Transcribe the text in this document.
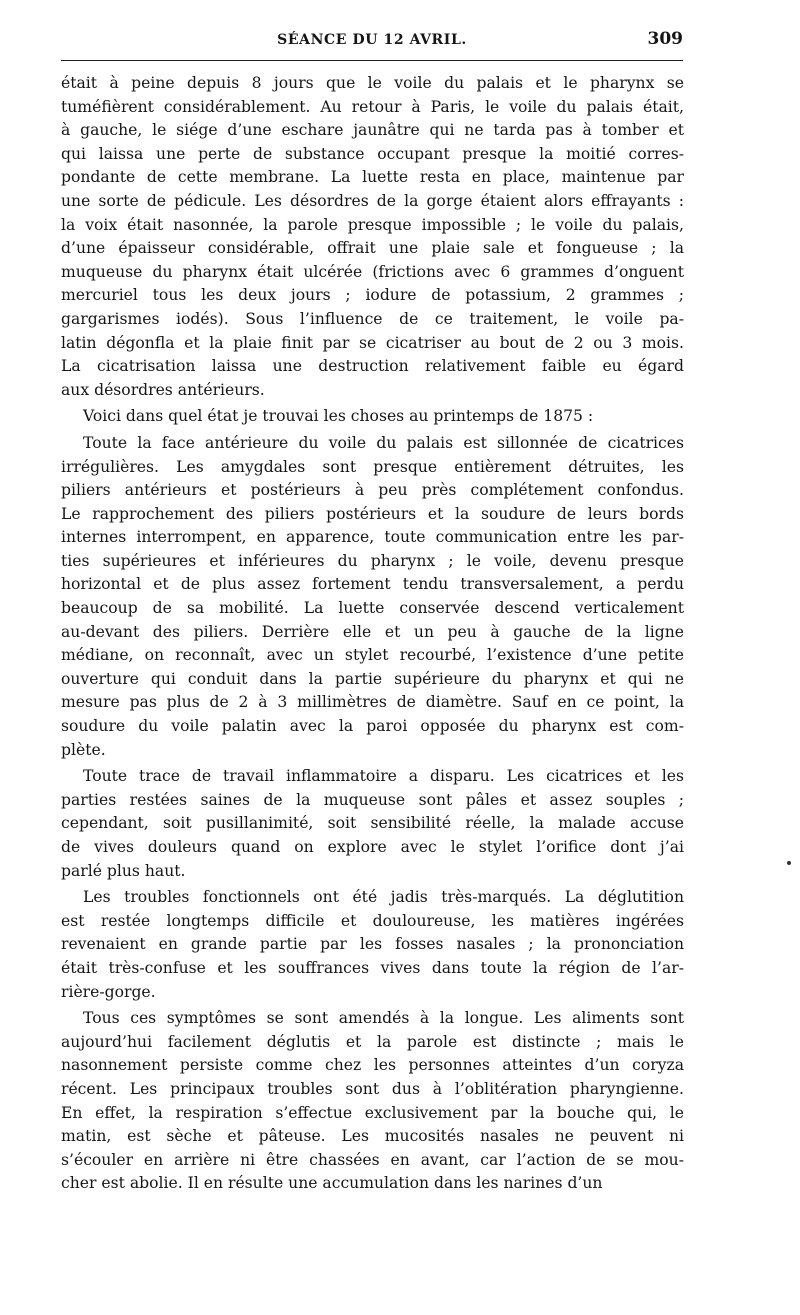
SÉANCE DU 12 AVRIL.	309
était à peine depuis 8 jours que le voile du palais et le pharynx se
tuméfièrent considérablement. Au retour à Paris, le voile du palais était,
à gauche, le siége d’une eschare jaunâtre qui ne tarda pas à tomber et
qui laissa une perte de substance occupant presque la moitié corres-
pondante de cette membrane. La luette resta en place, maintenue par
une sorte de pédicule. Les désordres de la gorge étaient alors effrayants :
la voix était nasonnée, la parole presque impossible ; le voile du palais,
d’une épaisseur considérable, offrait une plaie sale et fongueuse ; la
muqueuse du pharynx était ulcérée (frictions avec 6 grammes d’onguent
mercuriel tous les deux jours ; iodure de potassium, 2 grammes ;
gargarismes iodés). Sous l’influence de ce traitement, le voile pa-
latin dégonfla et la plaie finit par se cicatriser au bout de 2 ou 3 mois.
La cicatrisation laissa une destruction relativement faible eu égard
aux désordres antérieurs.
Voici dans quel état je trouvai les choses au printemps de 1875 :
Toute la face antérieure du voile du palais est sillonnée de cicatrices
irrégulières. Les amygdales sont presque entièrement détruites, les
piliers antérieurs et postérieurs à peu près complétement confondus.
Le rapprochement des piliers postérieurs et la soudure de leurs bords
internes interrompent, en apparence, toute communication entre les par-
ties supérieures et inférieures du pharynx ; le voile, devenu presque
horizontal et de plus assez fortement tendu transversalement, a perdu
beaucoup de sa mobilité. La luette conservée descend verticalement
au-devant des piliers. Derrière elle et un peu à gauche de la ligne
médiane, on reconnaît, avec un stylet recourbé, l’existence d’une petite
ouverture qui conduit dans la partie supérieure du pharynx et qui ne
mesure pas plus de 2 à 3 millimètres de diamètre. Sauf en ce point, la
soudure du voile palatin avec la paroi opposée du pharynx est com-
plète.
Toute trace de travail inflammatoire a disparu. Les cicatrices et les
parties restées saines de la muqueuse sont pâles et assez souples ;
cependant, soit pusillanimité, soit sensibilité réelle, la malade accuse
de vives douleurs quand on explore avec le stylet l’orifice dont j’ai
parlé plus haut.
Les troubles fonctionnels ont été jadis très-marqués. La déglutition
est restée longtemps difficile et douloureuse, les matières ingérées
revenaient en grande partie par les fosses nasales ; la prononciation
était très-confuse et les souffrances vives dans toute la région de l’ar-
rière-gorge.
Tous ces symptômes se sont amendés à la longue. Les aliments sont
aujourd’hui facilement déglutis et la parole est distincte ; mais le
nasonnement persiste comme chez les personnes atteintes d’un coryza
récent. Les principaux troubles sont dus à l’oblitération pharyngienne.
En effet, la respiration s’effectue exclusivement par la bouche qui, le
matin, est sèche et pâteuse. Les mucosités nasales ne peuvent ni
s’écouler en arrière ni être chassées en avant, car l’action de se mou-
cher est abolie. Il en résulte une accumulation dans les narines d’un
